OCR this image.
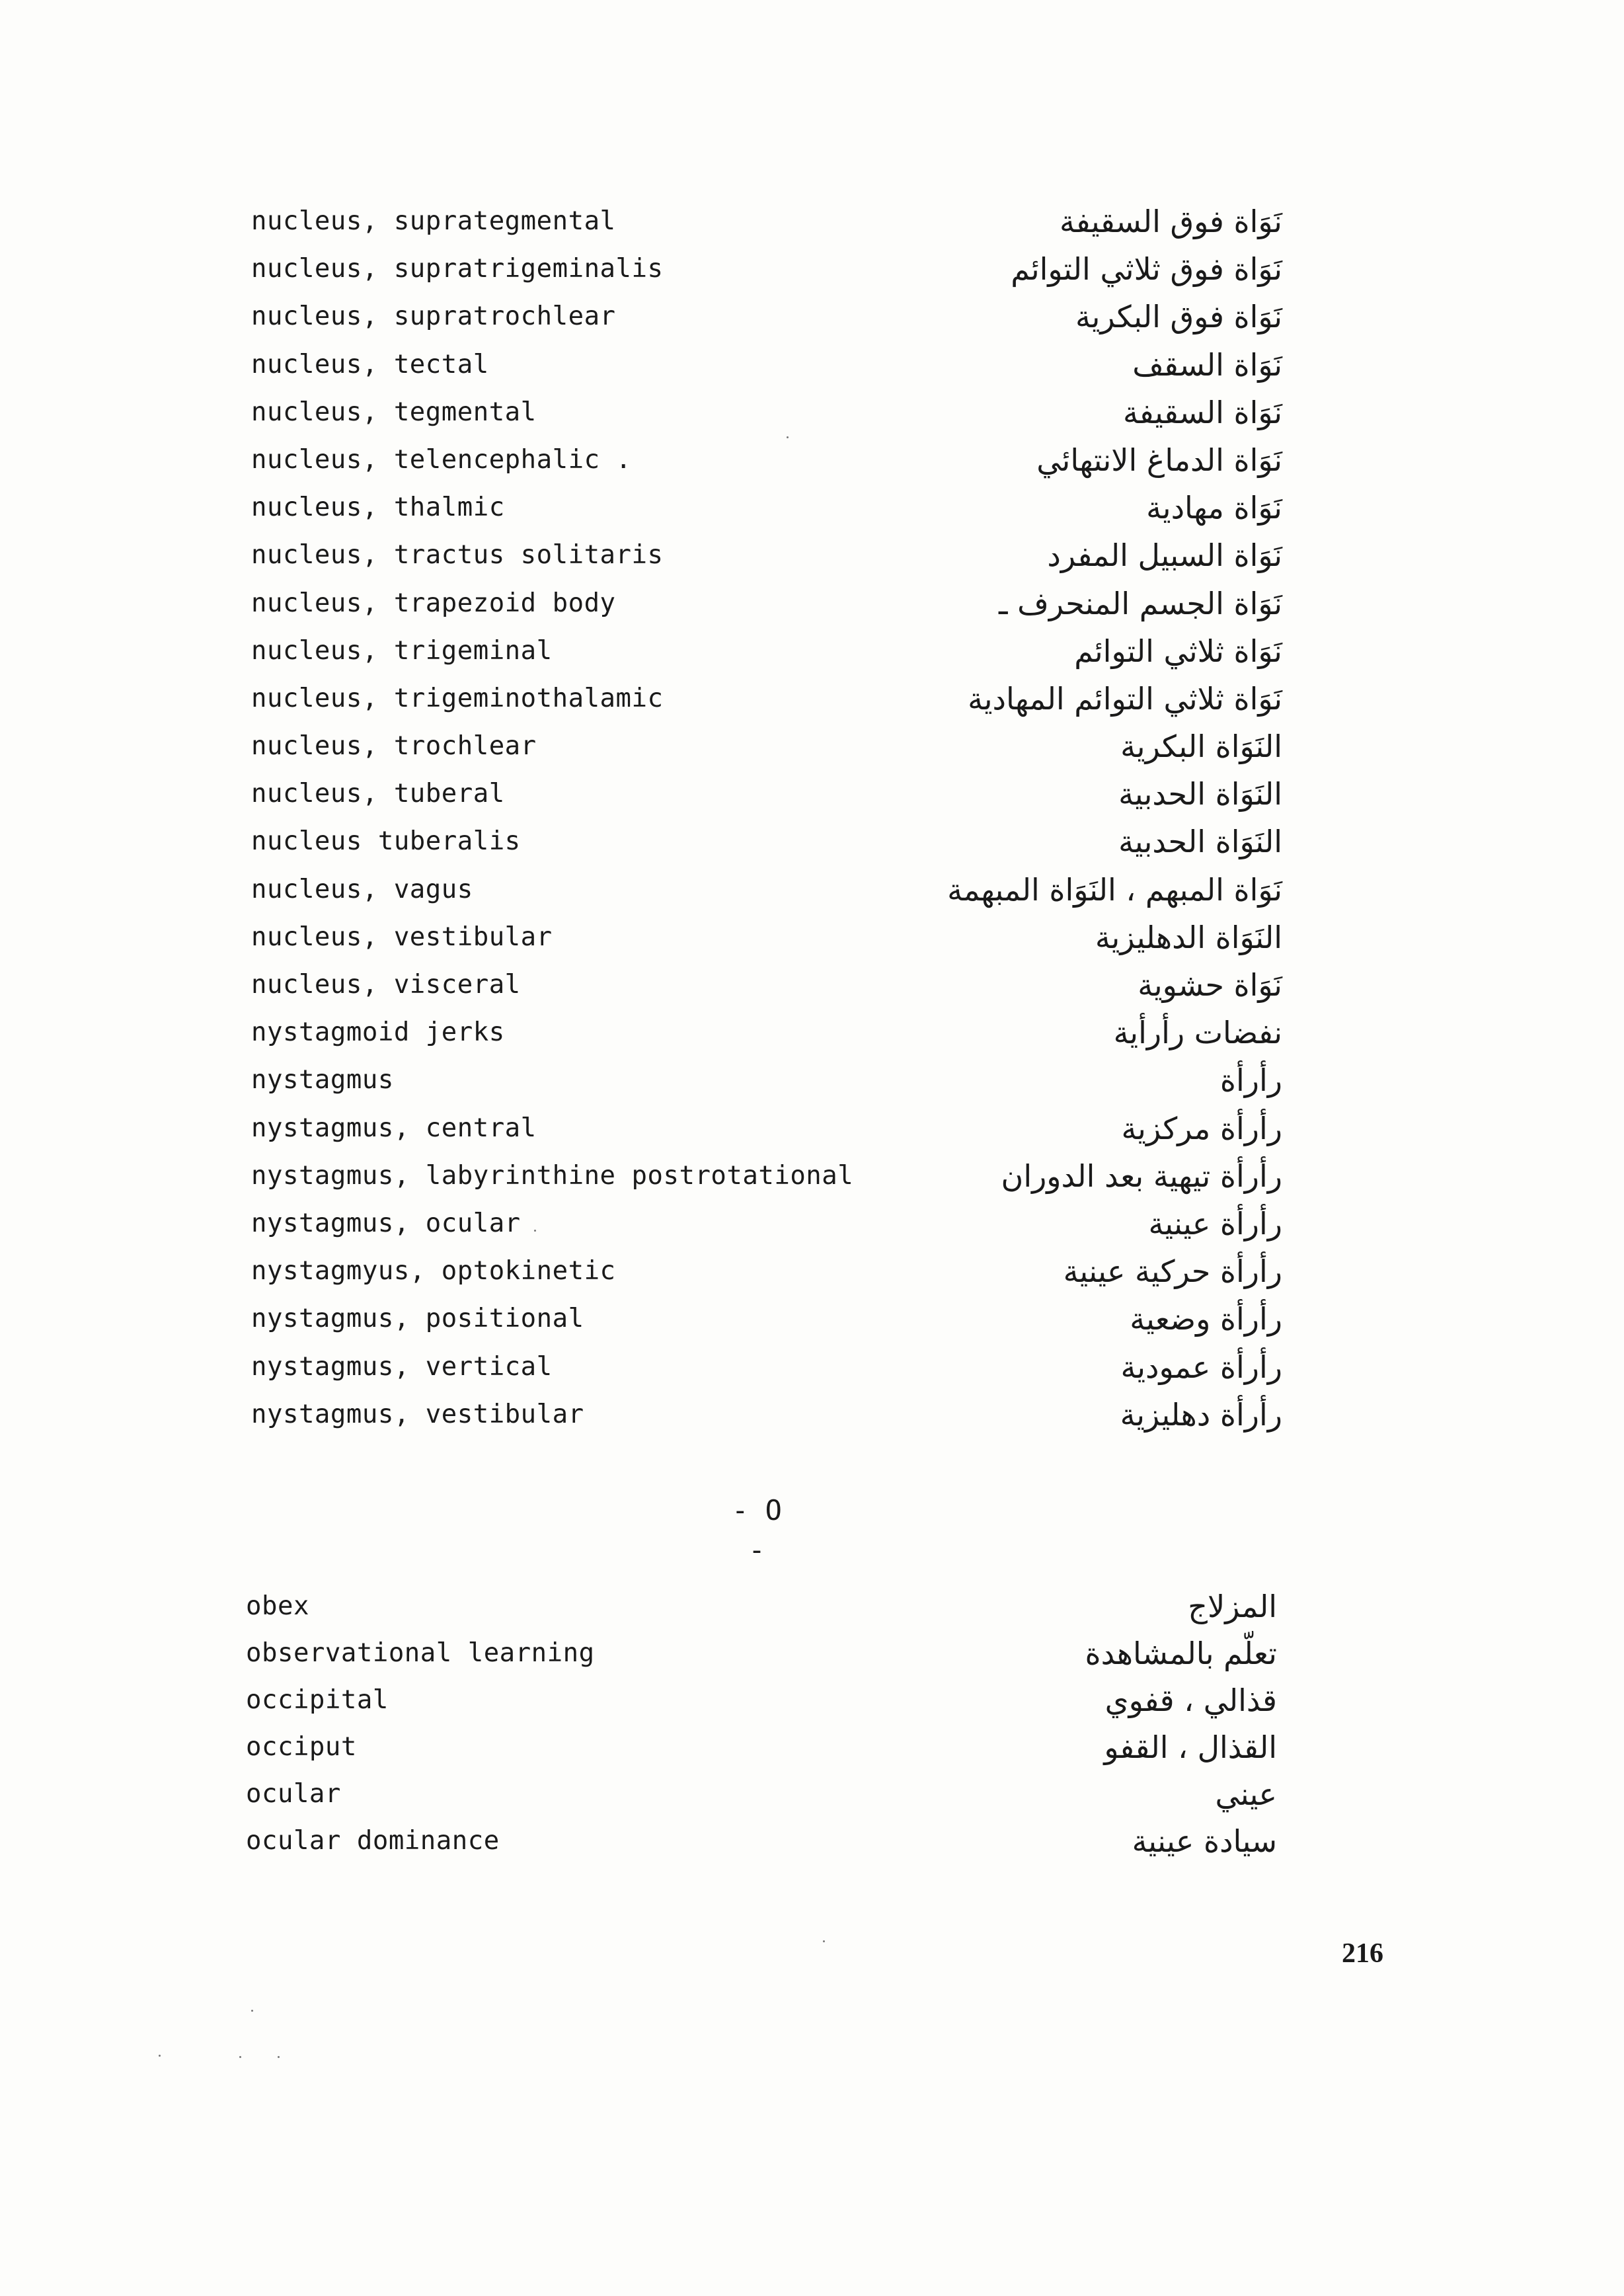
nucleus, suprategmental	نَوَاة فوق السقيفة
nucleus, supratrigeminalis	نَوَاة فوق ثلاثي التوائم
nucleus, supratrochlear	نَوَاة فوق البكرية
nucleus, tectal	نَوَاة السقف
nucleus, tegmental	نَوَاة السقيفة
nucleus, telencephalic .	نَوَاة الدماغ الانتهائي
nucleus, thalmic	نَوَاة مهادية
nucleus, tractus solitaris	نَوَاة السبيل المفرد
nucleus, trapezoid body	نَوَاة الجسم المنحرف ـ
nucleus, trigeminal	نَوَاة ثلاثي التوائم
nucleus, trigeminothalamic	نَوَاة ثلاثي التوائم المهادية
nucleus, trochlear	النَوَاة البكرية
nucleus, tuberal	النَوَاة الحدبية
nucleus tuberalis	النَوَاة الحدبية
nucleus, vagus	نَوَاة المبهم ، النَوَاة المبهمة
nucleus, vestibular	النَوَاة الدهليزية
nucleus, visceral	نَوَاة حشوية
nystagmoid jerks	نفضات رأرأية
nystagmus	رأرأة
nystagmus, central	رأرأة مركزية
nystagmus, labyrinthine postrotational	رأرأة تيهية بعد الدوران
nystagmus, ocular	رأرأة عينية
nystagmyus, optokinetic	رأرأة حركية عينية
nystagmus, positional	رأرأة وضعية
nystagmus, vertical	رأرأة عمودية
nystagmus, vestibular	رأرأة دهليزية
- O -
obex	المزلاج
observational learning	تعلّم بالمشاهدة
occipital	قذالي ، قفوي
occiput	القذال ، القفو
ocular	عيني
ocular dominance	سيادة عينية
216
